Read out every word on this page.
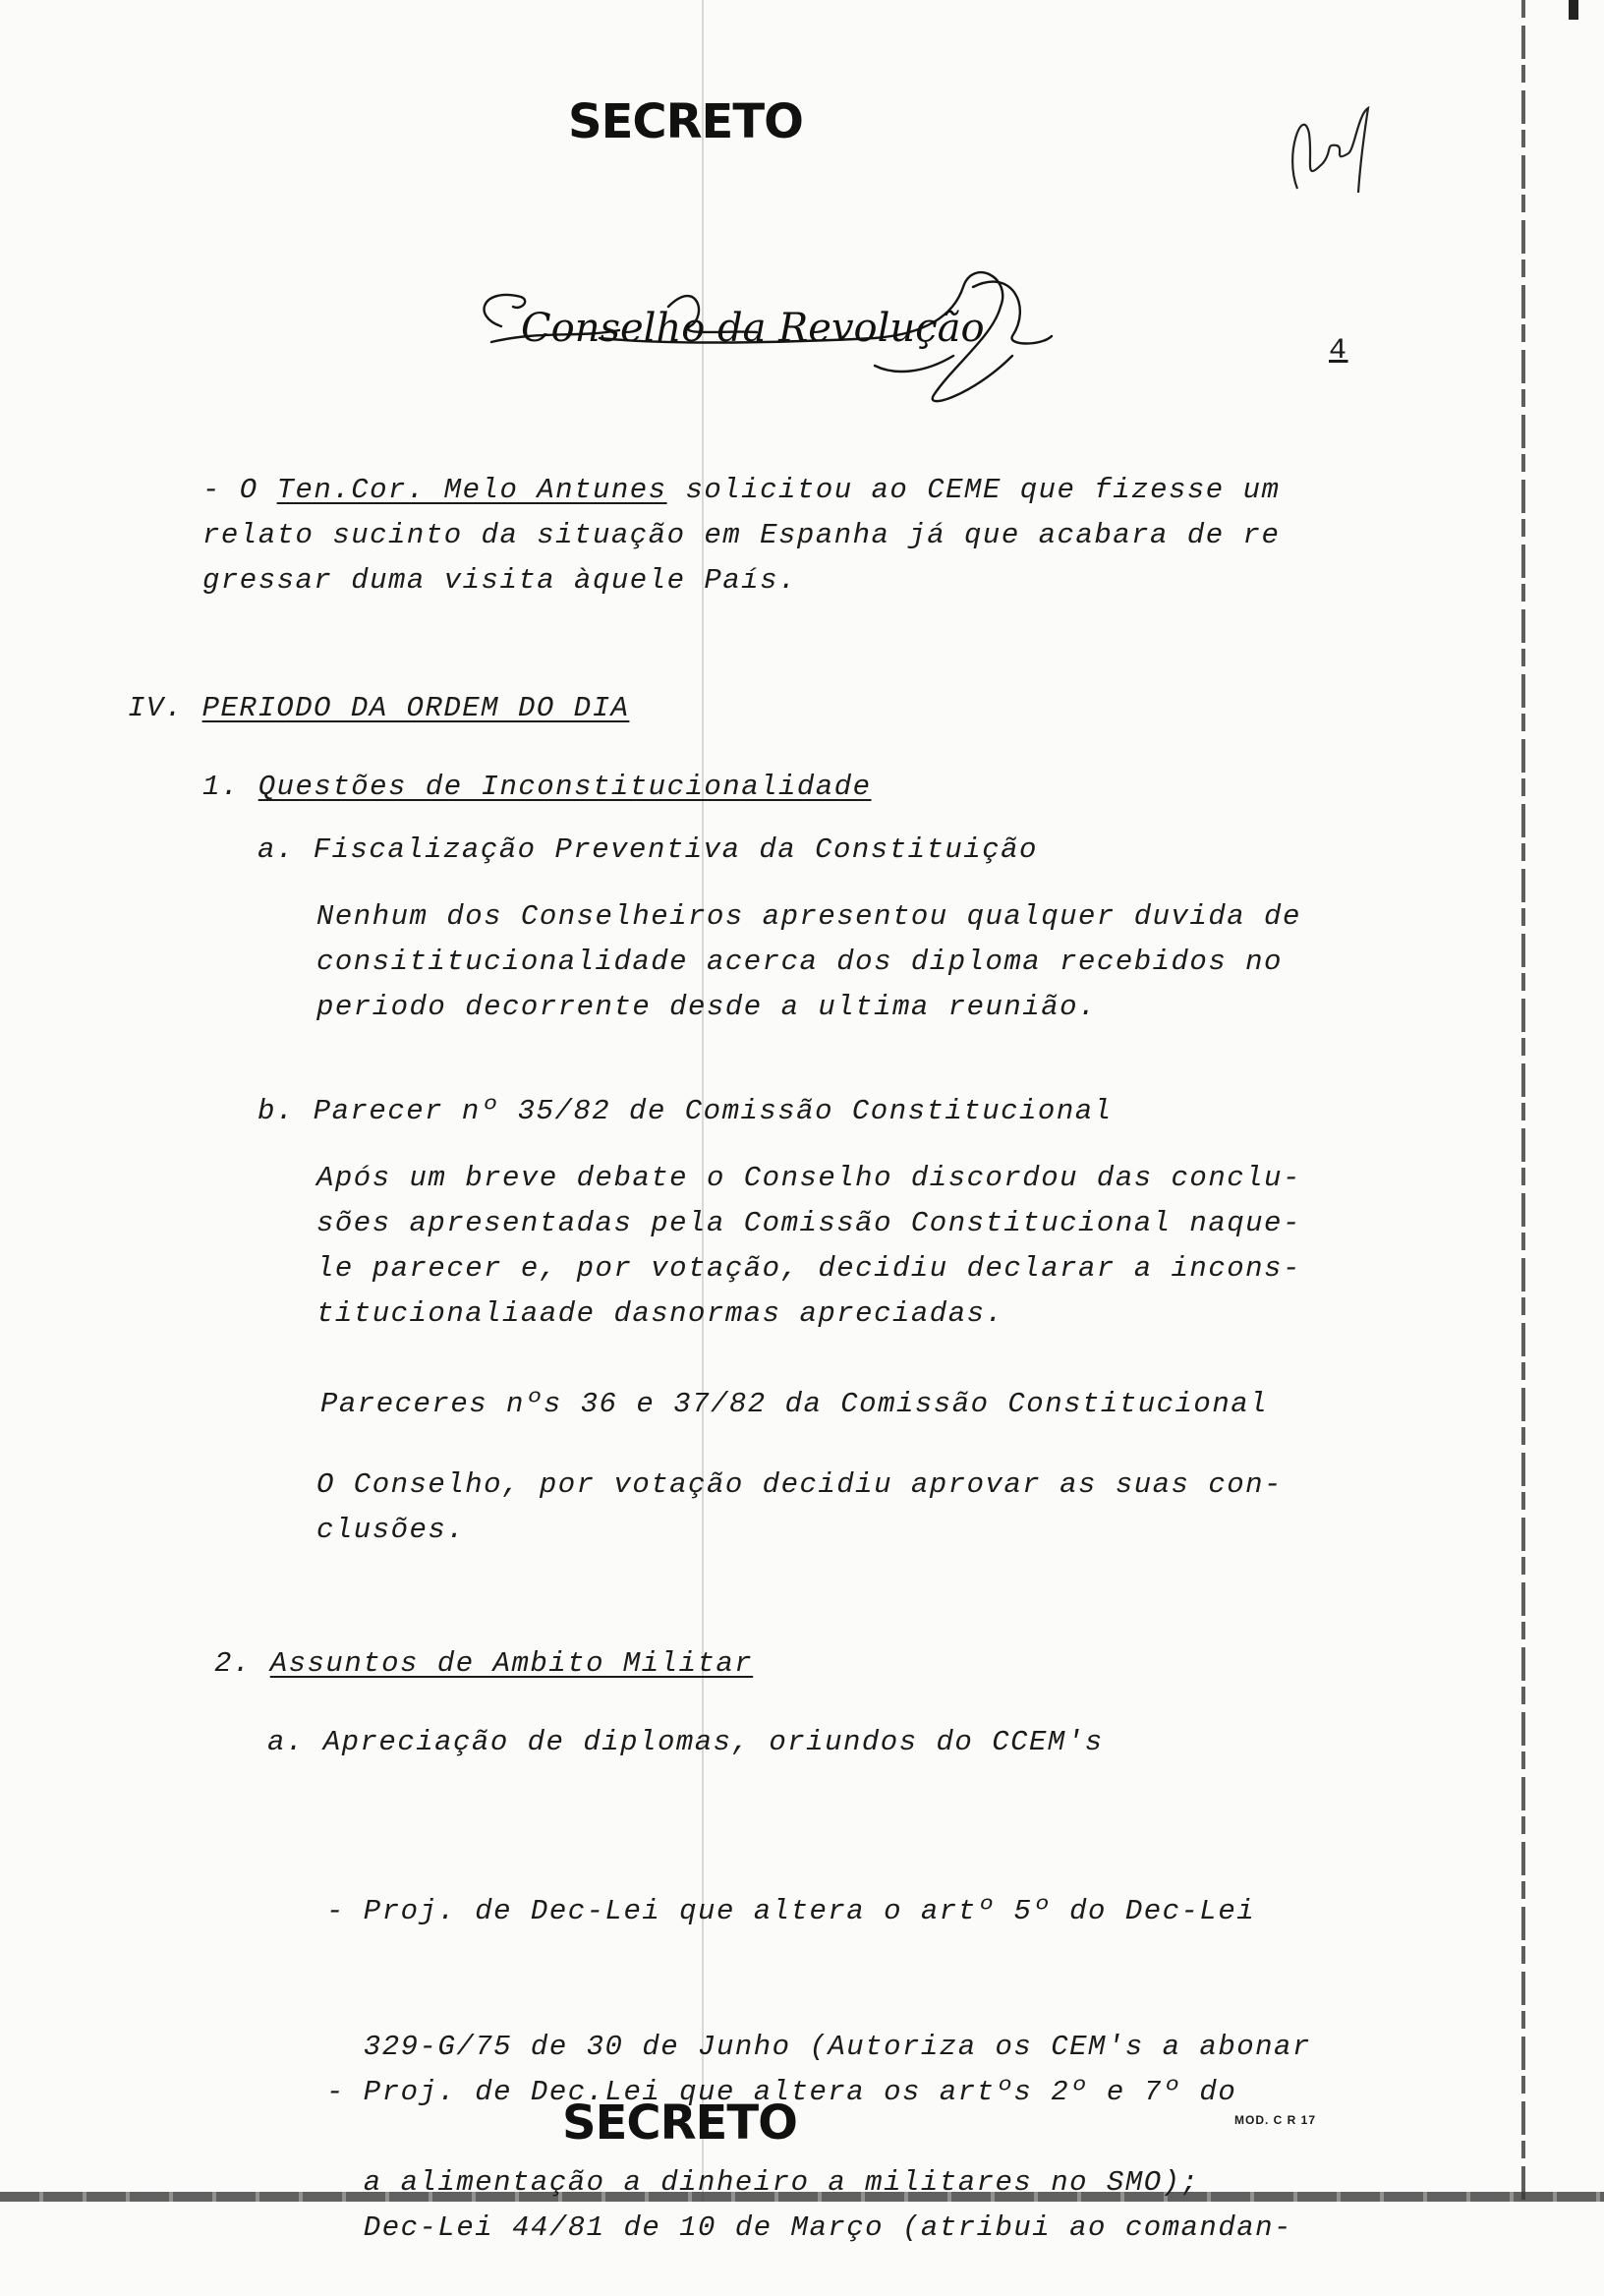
SECRETO
Conselho da Revolução	4
- O Ten.Cor. Melo Antunes solicitou ao CEME que fizesse um
relato sucinto da situação em Espanha já que acabara de re
gressar duma visita àquele País.
IV. PERIODO DA ORDEM DO DIA
1. Questões de Inconstitucionalidade
a. Fiscalização Preventiva da Constituição
Nenhum dos Conselheiros apresentou qualquer duvida de
consititucionalidade acerca dos diploma recebidos no
periodo decorrente desde a ultima reunião.
b. Parecer nº 35/82 de Comissão Constitucional
Após um breve debate o Conselho discordou das conclu-
sões apresentadas pela Comissão Constitucional naque-
le parecer e, por votação, decidiu declarar a incons-
titucionaliaade dasnormas apreciadas.
Pareceres nºs 36 e 37/82 da Comissão Constitucional
O Conselho, por votação decidiu aprovar as suas con-
clusões.
2. Assuntos de Ambito Militar
a. Apreciação de diplomas, oriundos do CCEM's

- Proj. de Dec-Lei que altera o artº 5º do Dec-Lei

329-G/75 de 30 de Junho (Autoriza os CEM's a abonar

a alimentação a dinheiro a militares no SMO);

- Proj. de Dec.Lei que altera os artºs 2º e 7º do

Dec-Lei 44/81 de 10 de Março (atribui ao comandan-

SECRETO	MOD. C R 17
